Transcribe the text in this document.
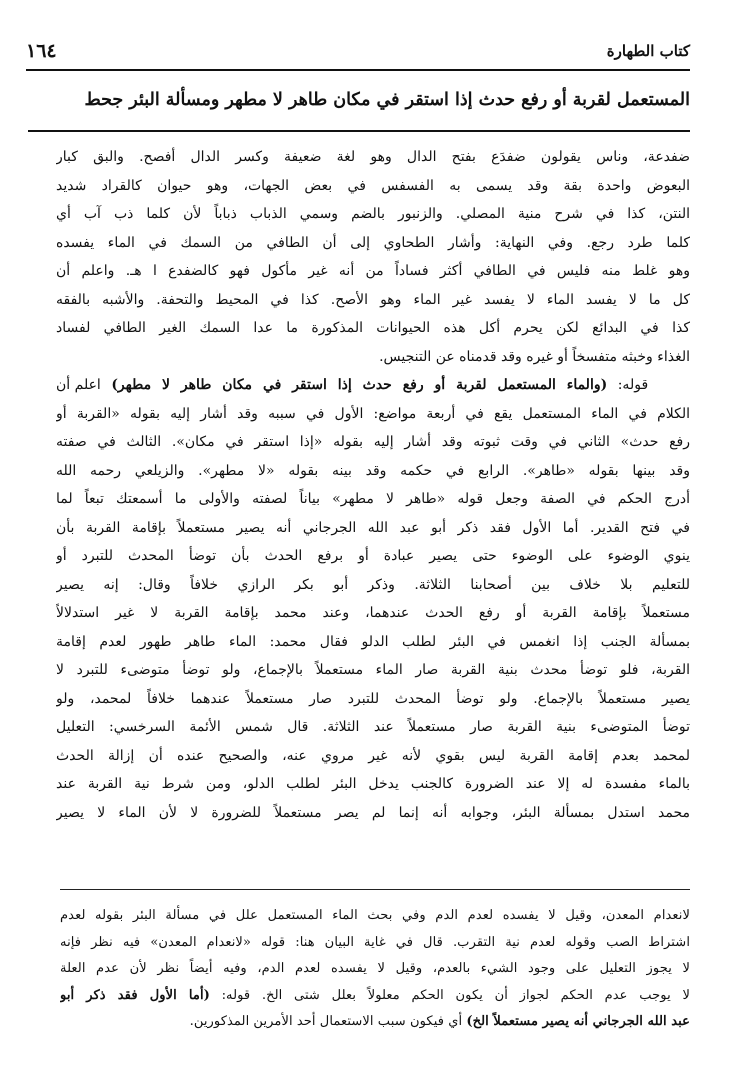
كتاب الطهارة
١٦٤
المستعمل لقربة أو رفع حدث إذا استقر في مكان طاهر لا مطهر ومسألة البئر جحط

ضفدعة، وناس يقولون ضفدَع بفتح الدال وهو لغة ضعيفة وكسر الدال أفصح. والبق كبار
البعوض واحدة بقة وقد يسمى به الفسفس في بعض الجهات، وهو حيوان كالقراد شديد
النتن، كذا في شرح منية المصلي. والزنبور بالضم وسمي الذباب ذباباً لأن كلما ذب آب أي
كلما طرد رجع. وفي النهاية: وأشار الطحاوي إلى أن الطافي من السمك في الماء يفسده
وهو غلط منه فليس في الطافي أكثر فساداً من أنه غير مأكول فهو كالضفدع ا هـ. واعلم أن
كل ما لا يفسد الماء لا يفسد غير الماء وهو الأصح. كذا في المحيط والتحفة. والأشبه بالفقه
كذا في البدائع لكن يحرم أكل هذه الحيوانات المذكورة ما عدا السمك الغير الطافي لفساد
الغذاء وخبثه متفسخاً أو غيره وقد قدمناه عن التنجيس.

قوله: (والماء المستعمل لقربة أو رفع حدث إذا استقر في مكان طاهر لا مطهر) اعلم أن
الكلام في الماء المستعمل يقع في أربعة مواضع: الأول في سببه وقد أشار إليه بقوله «القربة أو
رفع حدث» الثاني في وقت ثبوته وقد أشار إليه بقوله «إذا استقر في مكان». الثالث في صفته
وقد بينها بقوله «طاهر». الرابع في حكمه وقد بينه بقوله «لا مطهر». والزيلعي رحمه الله
أدرج الحكم في الصفة وجعل قوله «طاهر لا مطهر» بياناً لصفته والأولى ما أسمعتك تبعاً لما
في فتح القدير. أما الأول فقد ذكر أبو عبد الله الجرجاني أنه يصير مستعملاً بإقامة القربة بأن
ينوي الوضوء على الوضوء حتى يصير عبادة أو برفع الحدث بأن توضأ المحدث للتبرد أو
للتعليم بلا خلاف بين أصحابنا الثلاثة. وذكر أبو بكر الرازي خلافاً وقال: إنه يصير
مستعملاً بإقامة القربة أو رفع الحدث عندهما، وعند محمد بإقامة القربة لا غير استدلالاً
بمسألة الجنب إذا انغمس في البئر لطلب الدلو فقال محمد: الماء طاهر طهور لعدم إقامة
القربة، فلو توضأ محدث بنية القربة صار الماء مستعملاً بالإجماع، ولو توضأ متوضىء للتبرد لا
يصير مستعملاً بالإجماع. ولو توضأ المحدث للتبرد صار مستعملاً عندهما خلافاً لمحمد، ولو
توضأ المتوضىء بنية القربة صار مستعملاً عند الثلاثة. قال شمس الأئمة السرخسي: التعليل
لمحمد بعدم إقامة القربة ليس بقوي لأنه غير مروي عنه، والصحيح عنده أن إزالة الحدث
بالماء مفسدة له إلا عند الضرورة كالجنب يدخل البئر لطلب الدلو، ومن شرط نية القربة عند
محمد استدل بمسألة البئر، وجوابه أنه إنما لم يصر مستعملاً للضرورة لا لأن الماء لا يصير

لانعدام المعدن، وقيل لا يفسده لعدم الدم وفي بحث الماء المستعمل علل في مسألة البئر بقوله لعدم
اشتراط الصب وقوله لعدم نية التقرب. قال في غاية البيان هنا: قوله «لانعدام المعدن» فيه نظر فإنه
لا يجوز التعليل على وجود الشيء بالعدم، وقيل لا يفسده لعدم الدم، وفيه أيضاً نظر لأن عدم العلة
لا يوجب عدم الحكم لجواز أن يكون الحكم معلولاً بعلل شتى الخ. قوله: (أما الأول فقد ذكر أبو
عبد الله الجرجاني أنه يصير مستعملاً الخ) أي فيكون سبب الاستعمال أحد الأمرين المذكورين.
